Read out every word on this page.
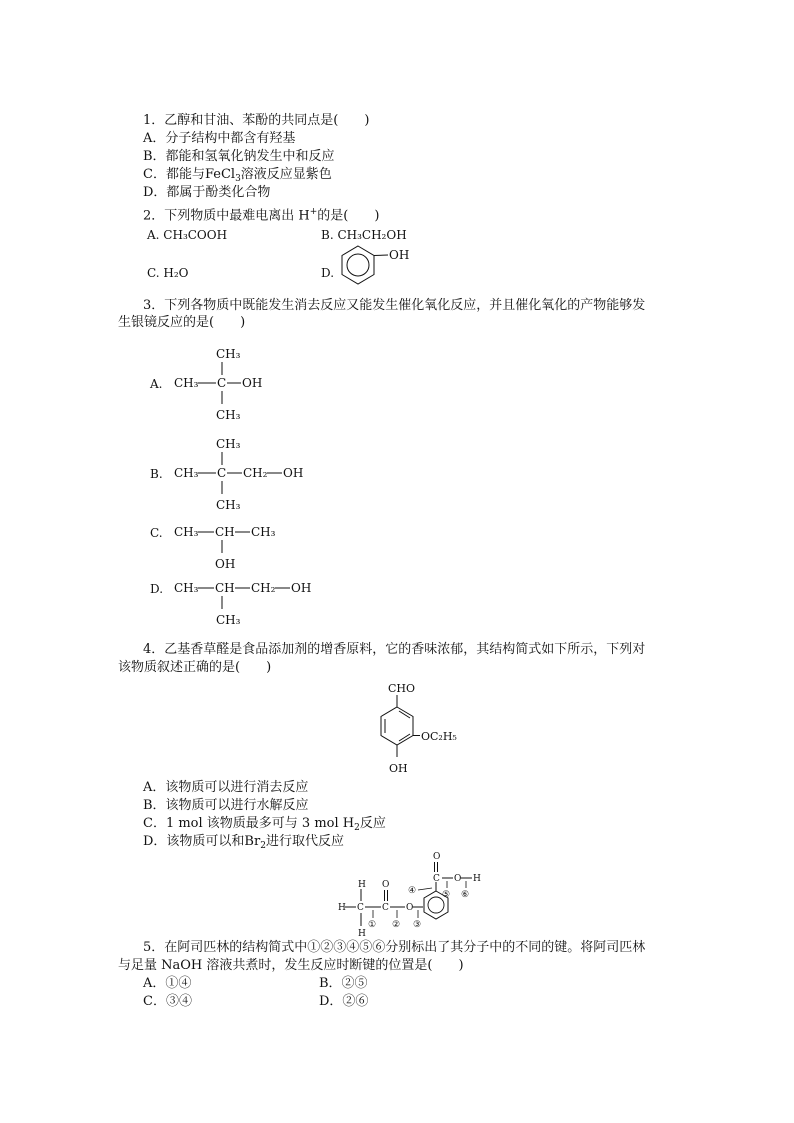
1．乙醇和甘油、苯酚的共同点是(　　)
A．分子结构中都含有羟基
B．都能和氢氧化钠发生中和反应
C．都能与FeCl$_3$溶液反应显紫色
D．都属于酚类化合物
2．下列物质中最难电离出 H+的是(　　)
A. CH₃COOH	B. CH₃CH₂OH
C. H₂O	D.
OH
3．下列各物质中既能发生消去反应又能发生催化氧化反应，并且催化氧化的产物能够发
生银镜反应的是(　　)
A.
CH₃
CH₃ C OH
CH₃
B.
CH₃
CH₃ C CH₂ OH
CH₃
C. CH₃ CH CH₃
OH
D. CH₃ CH CH₂ OH
CH₃
4．乙基香草醛是食品添加剂的增香原料，它的香味浓郁，其结构简式如下所示，下列对
该物质叙述正确的是(　　)
CHO
OC₂H₅
OH
A．该物质可以进行消去反应
B．该物质可以进行水解反应
C．1 mol 该物质最多可与 3 mol $H_2$反应
D．该物质可以和$Br_2$进行取代反应
H
H C
H
①
C
O
②
O
③
④
C
O
⑤
O
⑥
H
5．在阿司匹林的结构简式中①②③④⑤⑥分别标出了其分子中的不同的键。将阿司匹林
与足量 NaOH 溶液共煮时，发生反应时断键的位置是(　　)
A．①④	B．②⑤
C．③④	D．②⑥
